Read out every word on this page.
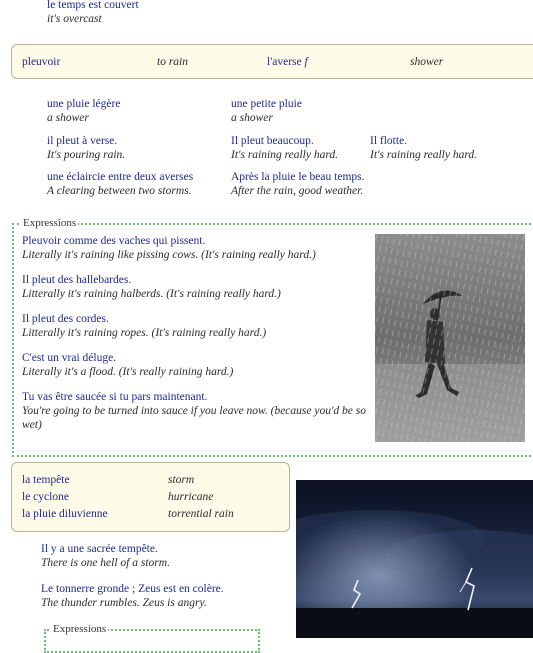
le temps est couvert
it's overcast
pleuvoir	to rain	l'averse f	shower
une pluie légère
a shower
une petite pluie
a shower
il pleut à verse.
It's pouring rain.
Il pleut beaucoup.
It's raining really hard.
Il flotte.
It's raining really hard.
une éclaircie entre deux averses
A clearing between two storms.
Après la pluie le beau temps.
After the rain, good weather.
Expressions
Pleuvoir comme des vaches qui pissent.
Literally it's raining like pissing cows. (It's raining really hard.)
Il pleut des hallebardes.
Litterally it's raining halberds. (It's raining really hard.)
Il pleut des cordes.
Litterally it's raining ropes. (It's raining really hard.)
C'est un vrai déluge.
Literally it's a flood. (It's really raining hard.)
Tu vas être saucée si tu pars maintenant.
You're going to be turned into sauce if you leave now. (because you'd be so wet)
la tempête	storm
le cyclone	hurricane
la pluie diluvienne	torrential rain
Il y a une sacrée tempête.
There is one hell of a storm.
Le tonnerre gronde ; Zeus est en colère.
The thunder rumbles. Zeus is angry.
Expressions
